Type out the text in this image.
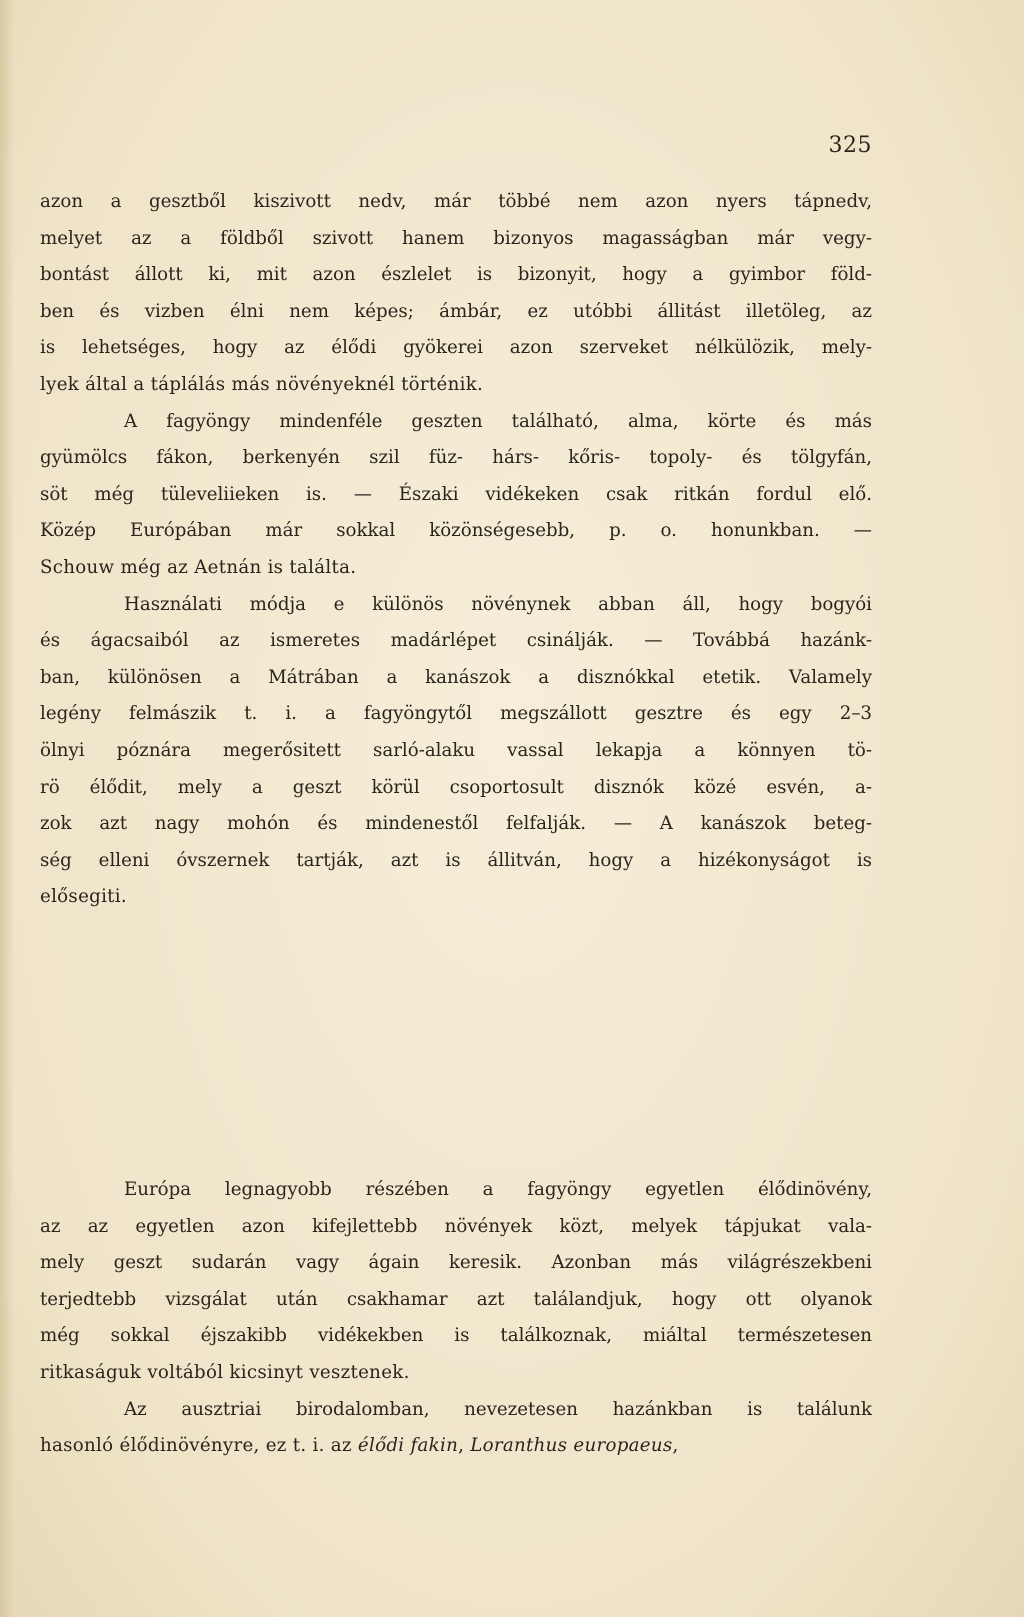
325
azon a gesztből kiszivott nedv, már többé nem azon nyers tápnedv,
melyet az a földből szivott hanem bizonyos magasságban már vegy-
bontást állott ki, mit azon észlelet is bizonyit, hogy a gyimbor föld-
ben és vizben élni nem képes; ámbár, ez utóbbi állitást illetöleg, az
is lehetséges, hogy az élődi gyökerei azon szerveket nélkülözik, mely-
lyek által a táplálás más növényeknél történik.
A fagyöngy mindenféle geszten található, alma, körte és más
gyümölcs fákon, berkenyén szil füz- hárs- kőris- topoly- és tölgyfán,
söt még tüleveliieken is. — Északi vidékeken csak ritkán fordul elő.
Közép Európában már sokkal közönségesebb, p. o. honunkban. —
Schouw még az Aetnán is találta.
Használati módja e különös növénynek abban áll, hogy bogyói
és ágacsaiból az ismeretes madárlépet csinálják. — Továbbá hazánk-
ban, különösen a Mátrában a kanászok a disznókkal etetik. Valamely
legény felmászik t. i. a fagyöngytől megszállott gesztre és egy 2–3
ölnyi póznára megerősitett sarló-alaku vassal lekapja a könnyen tö-
rö élődit, mely a geszt körül csoportosult disznók közé esvén, a-
zok azt nagy mohón és mindenestől felfalják. — A kanászok beteg-
ség elleni óvszernek tartják, azt is állitván, hogy a hizékonyságot is
elősegiti.
Európa legnagyobb részében a fagyöngy egyetlen élődinövény,
az az egyetlen azon kifejlettebb növények közt, melyek tápjukat vala-
mely geszt sudarán vagy ágain keresik. Azonban más világrészekbeni
terjedtebb vizsgálat után csakhamar azt találandjuk, hogy ott olyanok
még sokkal éjszakibb vidékekben is találkoznak, miáltal természetesen
ritkaságuk voltából kicsinyt vesztenek.
Az ausztriai birodalomban, nevezetesen hazánkban is találunk
hasonló élődinövényre, ez t. i. az élődi fakin, Loranthus europaeus,
